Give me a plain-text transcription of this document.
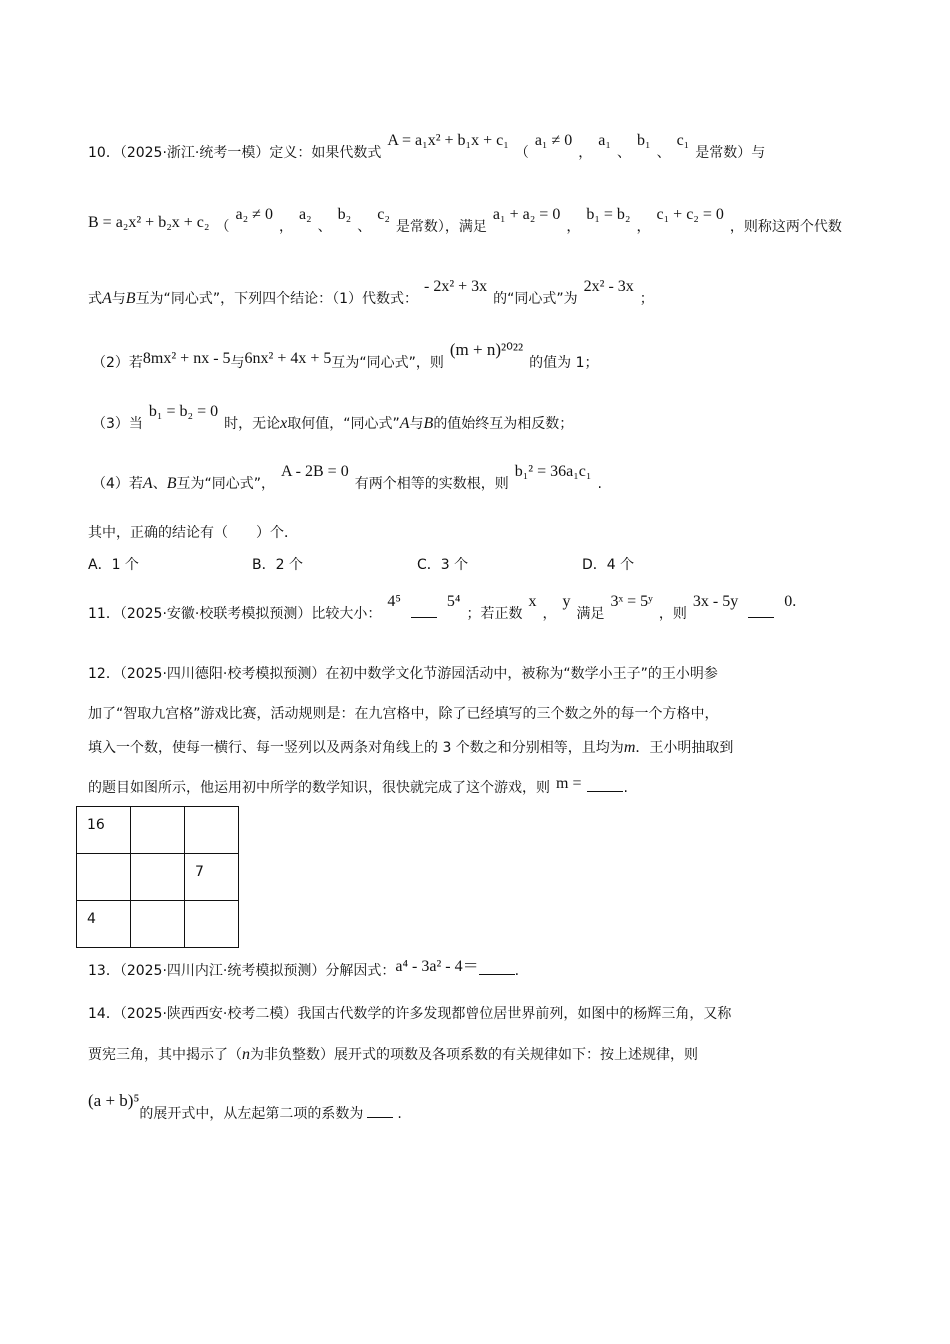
10．（2025·浙江·统考一模）定义：如果代数式A = a₁x² + b₁x + c₁（a₁ ≠ 0，a₁、b₁、c₁是常数）与
B = a₂x² + b₂x + c₂ （a₂ ≠ 0，a₂、b₂、c₂是常数），满足a₁ + a₂ = 0，b₁ = b₂，c₁ + c₂ = 0，则称这两个代数
式A与B互为“同心式”，下列四个结论：（1）代数式：- 2x² + 3x的“同心式”为2x² - 3x；
（2）若8mx² + nx - 5与6nx² + 4x + 5互为“同心式”，则(m + n)²⁰²²的值为 1；
（3）当b₁ = b₂ = 0时，无论x取何值，“同心式”A与B的值始终互为相反数；
（4）若A、B互为“同心式”，A - 2B = 0有两个相等的实数根，则b₁² = 36a₁c₁.
其中，正确的结论有（　　）个．
A．1 个	B．2 个	C．3 个	D．4 个
11．（2025·安徽·校联考模拟预测）比较大小：4⁵	5⁴；若正数x，y满足3ˣ = 5ʸ，则3x - 5y	0.
12．（2025·四川德阳·校考模拟预测）在初中数学文化节游园活动中，被称为“数学小王子”的王小明参
加了“智取九宫格”游戏比赛，活动规则是：在九宫格中，除了已经填写的三个数之外的每一个方格中，
填入一个数，使每一横行、每一竖列以及两条对角线上的 3 个数之和分别相等，且均为m．王小明抽取到
的题目如图所示，他运用初中所学的数学知识，很快就完成了这个游戏，则 m =	.
16		
		7
4		
13．（2025·四川内江·统考模拟预测）分解因式：a⁴ - 3a² - 4＝	.
14．（2025·陕西西安·校考二模）我国古代数学的许多发现都曾位居世界前列，如图中的杨辉三角，又称
贾宪三角，其中揭示了（n为非负整数）展开式的项数及各项系数的有关规律如下：按上述规律，则
(a + b)⁵的展开式中，从左起第二项的系数为 .
